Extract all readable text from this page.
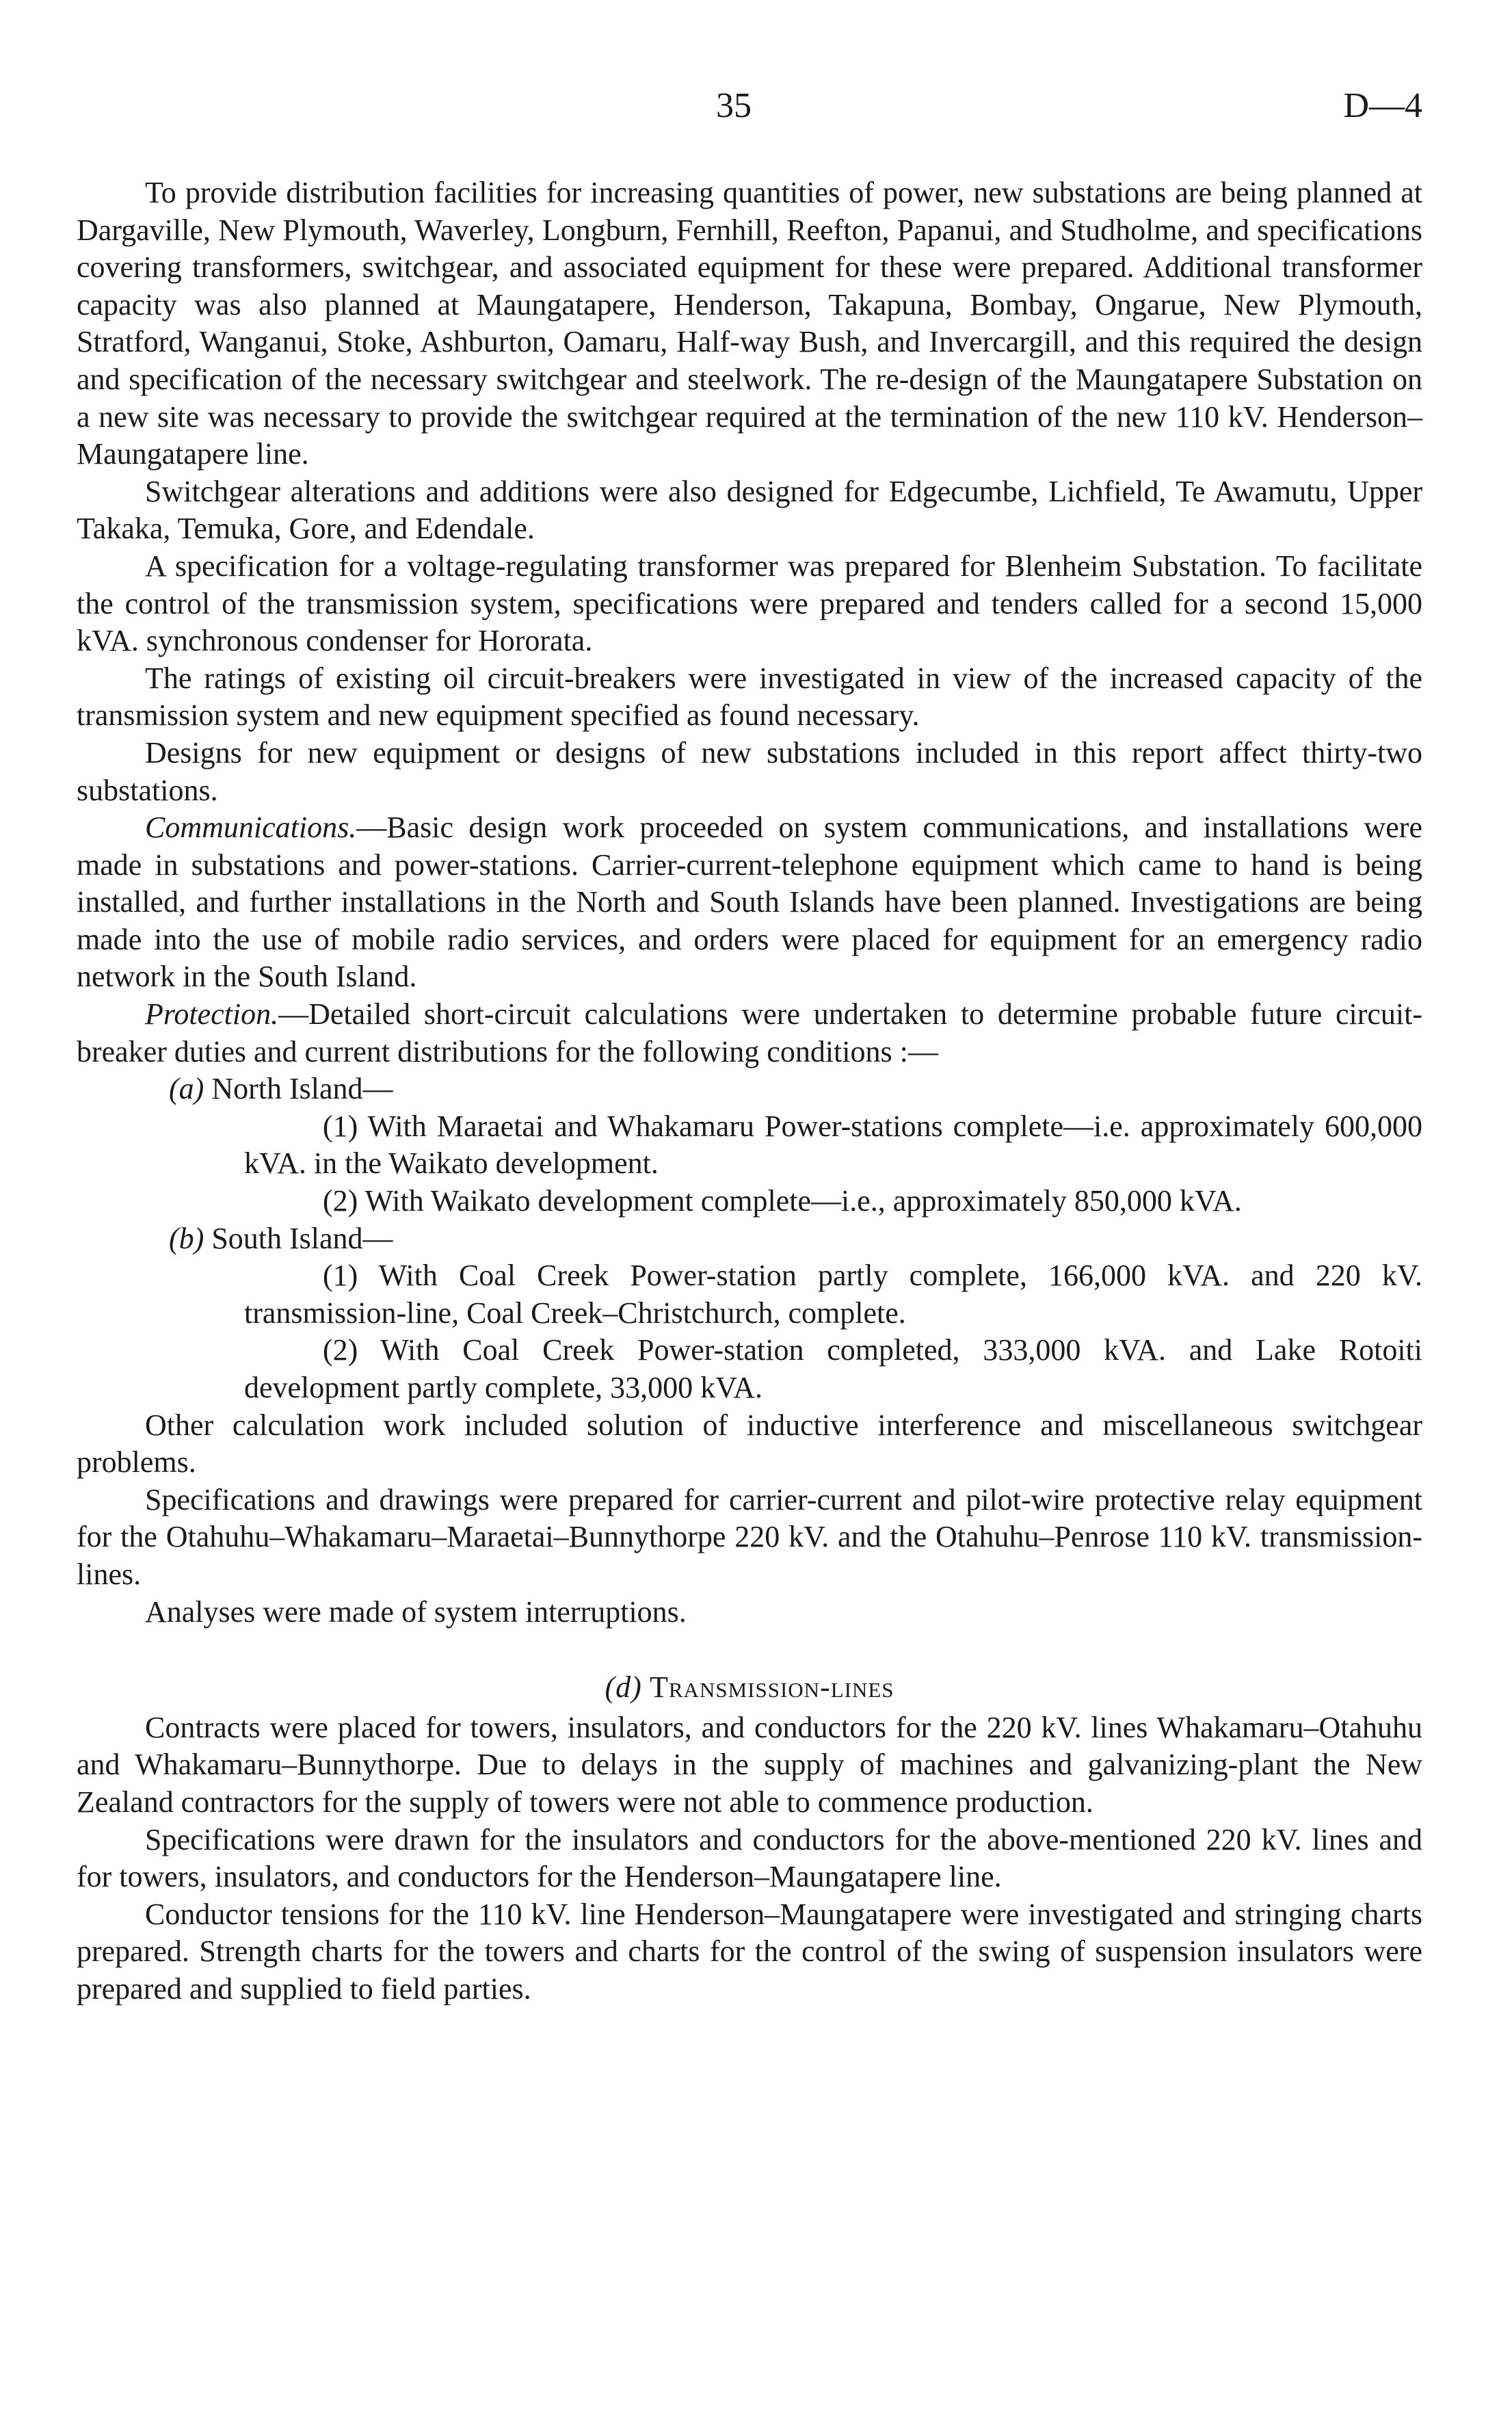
35	D—4

To provide distribution facilities for increasing quantities of power, new substations are being planned at Dargaville, New Plymouth, Waverley, Longburn, Fernhill, Reefton, Papanui, and Studholme, and specifications covering transformers, switchgear, and associated equipment for these were prepared. Additional transformer capacity was also planned at Maungatapere, Henderson, Takapuna, Bombay, Ongarue, New Plymouth, Stratford, Wanganui, Stoke, Ashburton, Oamaru, Half-way Bush, and Invercargill, and this required the design and specification of the necessary switchgear and steelwork. The re-design of the Maungatapere Substation on a new site was necessary to provide the switchgear required at the termination of the new 110 kV. Henderson–Maungatapere line.

Switchgear alterations and additions were also designed for Edgecumbe, Lichfield, Te Awamutu, Upper Takaka, Temuka, Gore, and Edendale.

A specification for a voltage-regulating transformer was prepared for Blenheim Substation. To facilitate the control of the transmission system, specifications were prepared and tenders called for a second 15,000 kVA. synchronous condenser for Hororata.

The ratings of existing oil circuit-breakers were investigated in view of the increased capacity of the transmission system and new equipment specified as found necessary.

Designs for new equipment or designs of new substations included in this report affect thirty-two substations.

Communications.—Basic design work proceeded on system communications, and installations were made in substations and power-stations. Carrier-current-telephone equipment which came to hand is being installed, and further installations in the North and South Islands have been planned. Investigations are being made into the use of mobile radio services, and orders were placed for equipment for an emergency radio network in the South Island.

Protection.—Detailed short-circuit calculations were undertaken to determine probable future circuit-breaker duties and current distributions for the following conditions :—

(a) North Island—

(1) With Maraetai and Whakamaru Power-stations complete—i.e. approximately 600,000 kVA. in the Waikato development.

(2) With Waikato development complete—i.e., approximately 850,000 kVA.

(b) South Island—

(1) With Coal Creek Power-station partly complete, 166,000 kVA. and 220 kV. transmission-line, Coal Creek–Christchurch, complete.

(2) With Coal Creek Power-station completed, 333,000 kVA. and Lake Rotoiti development partly complete, 33,000 kVA.

Other calculation work included solution of inductive interference and miscellaneous switchgear problems.

Specifications and drawings were prepared for carrier-current and pilot-wire protective relay equipment for the Otahuhu–Whakamaru–Maraetai–Bunnythorpe 220 kV. and the Otahuhu–Penrose 110 kV. transmission-lines.

Analyses were made of system interruptions.

(d) Transmission-lines

Contracts were placed for towers, insulators, and conductors for the 220 kV. lines Whakamaru–Otahuhu and Whakamaru–Bunnythorpe. Due to delays in the supply of machines and galvanizing-plant the New Zealand contractors for the supply of towers were not able to commence production.

Specifications were drawn for the insulators and conductors for the above-mentioned 220 kV. lines and for towers, insulators, and conductors for the Henderson–Maungatapere line.

Conductor tensions for the 110 kV. line Henderson–Maungatapere were investigated and stringing charts prepared. Strength charts for the towers and charts for the control of the swing of suspension insulators were prepared and supplied to field parties.
